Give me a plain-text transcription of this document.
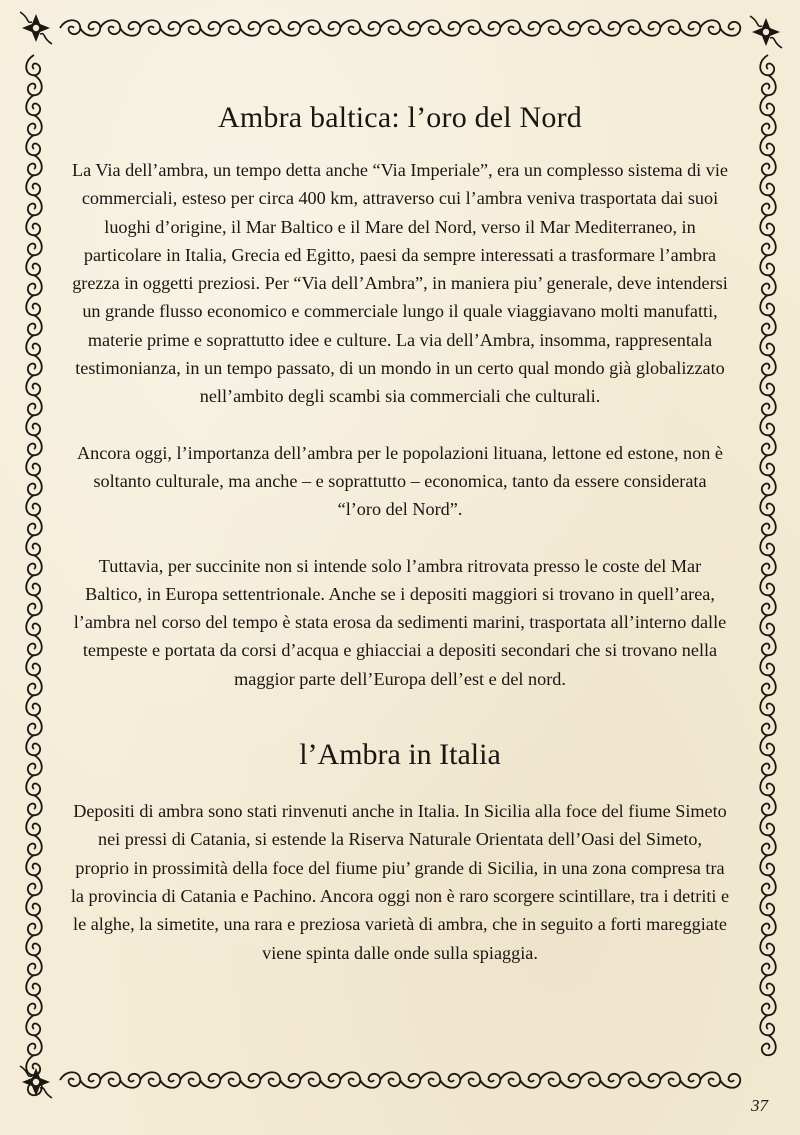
Ambra baltica: l’oro del Nord

La Via dell’ambra, un tempo detta anche “Via Imperiale”, era un complesso sistema di vie commerciali, esteso per circa 400 km, attraverso cui l’ambra veniva trasportata dai suoi luoghi d’origine, il Mar Baltico e il Mare del Nord, verso il Mar Mediterraneo, in particolare in Italia, Grecia ed Egitto, paesi da sempre interessati a trasformare l’ambra grezza in oggetti preziosi. Per “Via dell’Ambra”, in maniera piu’ generale, deve intendersi un grande flusso economico e commerciale lungo il quale viaggiavano molti manufatti, materie prime e soprattutto idee e culture. La via dell’Ambra, insomma, rappresentala testimonianza, in un tempo passato, di un mondo in un certo qual mondo già globalizzato nell’ambito degli scambi sia commerciali che culturali.

Ancora oggi, l’importanza dell’ambra per le popolazioni lituana, lettone ed estone, non è soltanto culturale, ma anche – e soprattutto – economica, tanto da essere considerata “l’oro del Nord”.

Tuttavia, per succinite non si intende solo l’ambra ritrovata presso le coste del Mar Baltico, in Europa settentrionale. Anche se i depositi maggiori si trovano in quell’area, l’ambra nel corso del tempo è stata erosa da sedimenti marini, trasportata all’interno dalle tempeste e portata da corsi d’acqua e ghiacciai a depositi secondari che si trovano nella maggior parte dell’Europa dell’est e del nord.

l’Ambra in Italia

Depositi di ambra sono stati rinvenuti anche in Italia. In Sicilia alla foce del fiume Simeto nei pressi di Catania, si estende la Riserva Naturale Orientata dell’Oasi del Simeto, proprio in prossimità della foce del fiume piu’ grande di Sicilia, in una zona compresa tra la provincia di Catania e Pachino. Ancora oggi non è raro scorgere scintillare, tra i detriti e le alghe, la simetite, una rara e preziosa varietà di ambra, che in seguito a forti mareggiate viene spinta dalle onde sulla spiaggia.

37
